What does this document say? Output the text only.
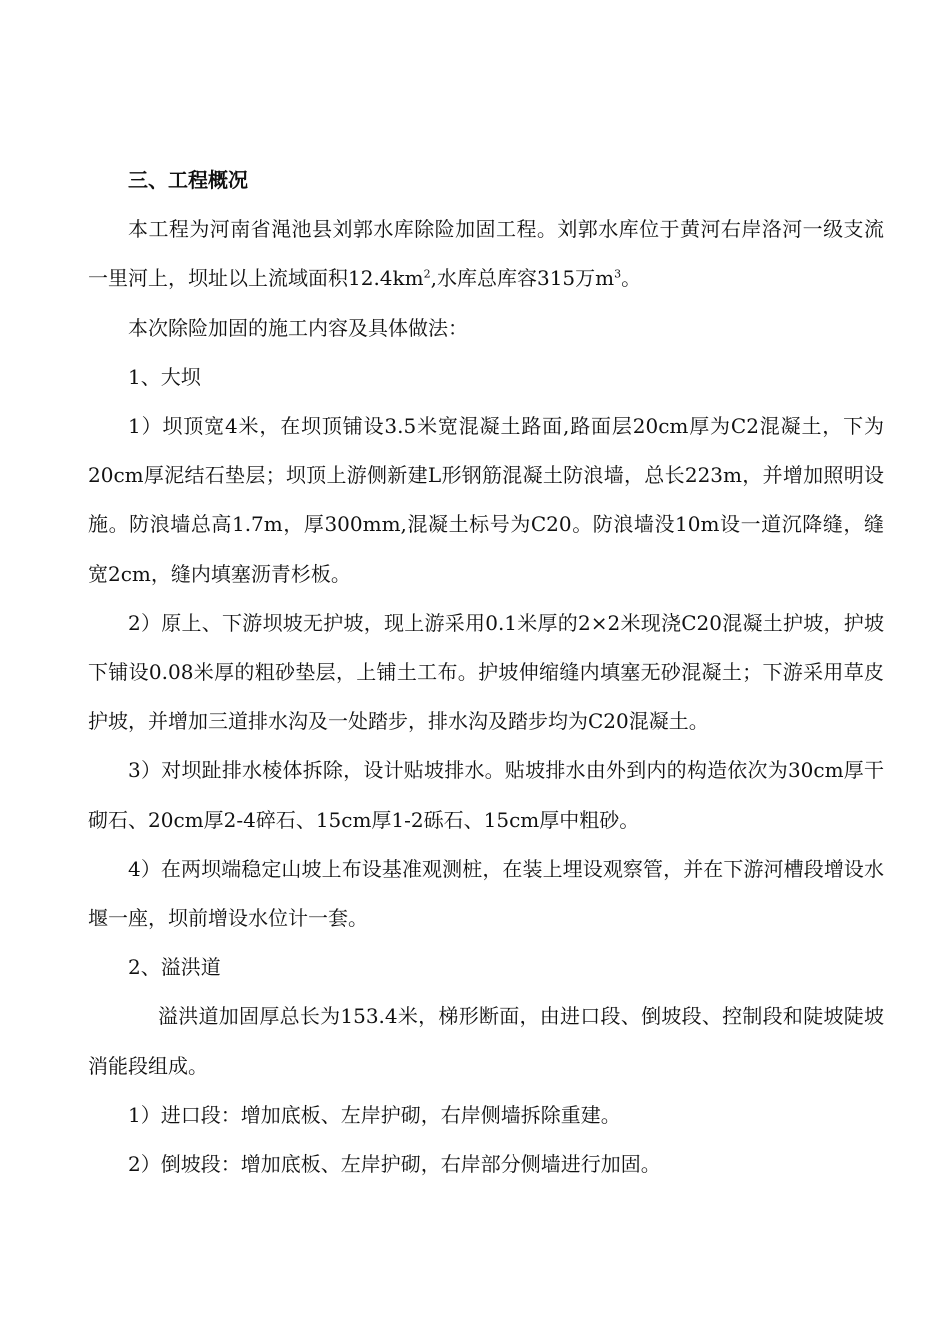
三、工程概况

本工程为河南省渑池县刘郭水库除险加固工程。刘郭水库位于黄河右岸洛河一级支流一里河上，坝址以上流域面积$12.4km^2$,水库总库容315万$m^3$。

本次除险加固的施工内容及具体做法：

1、大坝

1）坝顶宽4米，在坝顶铺设3.5米宽混凝土路面,路面层20cm厚为C2混凝土，下为20cm厚泥结石垫层；坝顶上游侧新建L形钢筋混凝土防浪墙，总长223m，并增加照明设施。防浪墙总高1.7m，厚300mm,混凝土标号为C20。防浪墙没10m设一道沉降缝，缝宽2cm，缝内填塞沥青杉板。

2）原上、下游坝坡无护坡，现上游采用0.1米厚的2×2米现浇C20混凝土护坡，护坡下铺设0.08米厚的粗砂垫层，上铺土工布。护坡伸缩缝内填塞无砂混凝土；下游采用草皮护坡，并增加三道排水沟及一处踏步，排水沟及踏步均为C20混凝土。

3）对坝趾排水棱体拆除，设计贴坡排水。贴坡排水由外到内的构造依次为30cm厚干砌石、20cm厚2-4碎石、15cm厚1-2砾石、15cm厚中粗砂。

4）在两坝端稳定山坡上布设基准观测桩，在装上埋设观察管，并在下游河槽段增设水堰一座，坝前增设水位计一套。

2、溢洪道

溢洪道加固厚总长为153.4米，梯形断面，由进口段、倒坡段、控制段和陡坡陡坡消能段组成。

1）进口段：增加底板、左岸护砌，右岸侧墙拆除重建。

2）倒坡段：增加底板、左岸护砌，右岸部分侧墙进行加固。
